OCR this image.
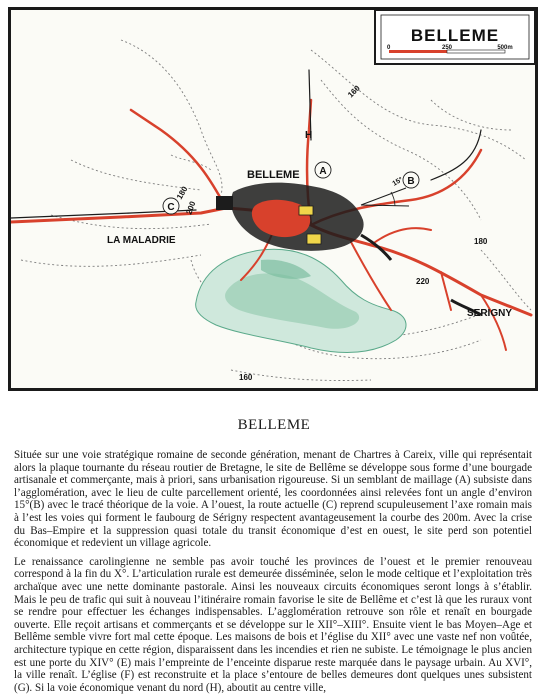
A
B
C
H
180
200
160
160
180
220
15°
BELLEME
LA MALADRIE
SERIGNY
BELLEME
0	250	500m
BELLEME

Située sur une voie stratégique romaine de seconde génération, menant de Chartres à Careix, ville qui représentait alors la plaque tournante du réseau routier de Bretagne, le site de Bellême se développe sous forme d’une bourgade artisanale et commerçante, mais à priori, sans urbanisation rigoureuse. Si un semblant de maillage (A) subsiste dans l’agglomération, avec le lieu de culte parcellement orienté, les coordonnées ainsi relevées font un angle d’environ 15°(B) avec le tracé théorique de la voie. A l’ouest, la route actuelle (C) reprend scupuleusement l’axe romain mais à l’est les voies qui forment le faubourg de Sérigny respectent avantageusement la courbe des 200m. Avec la crise du Bas–Empire et la suppression quasi totale du transit économique d’est en ouest, le site perd son potentiel économique et redevient un village agricole.

Le renaissance carolingienne ne semble pas avoir touché les provinces de l’ouest et le premier renouveau correspond à la fin du X°. L’articulation rurale est demeurée disséminée, selon le mode celtique et l’exploitation très archaïque avec une nette dominante pastorale. Ainsi les nouveaux circuits économiques seront longs à s’établir. Mais le peu de trafic qui suit à nouveau l’itinéraire romain favorise le site de Bellême et c’est là que les ruraux vont se rendre pour effectuer les échanges indispensables. L’agglomération retrouve son rôle et renaît en bourgade ouverte. Elle reçoit artisans et commerçants et se développe sur le XII°–XIII°. Ensuite vient le bas Moyen–Age et Bellême semble vivre fort mal cette époque. Les maisons de bois et l’église du XII° avec une vaste nef non voûtée, architecture typique en cette région, disparaissent dans les incendies et rien ne subiste. Le témoignage le plus ancien est une porte du XIV° (E) mais l’empreinte de l’enceinte disparue reste marquée dans le paysage urbain. Au XVI°, la ville renaît. L’église (F) est reconstruite et la place s’entoure de belles demeures dont quelques unes subsistent (G). Si la voie économique venant du nord (H), aboutit au centre ville,
